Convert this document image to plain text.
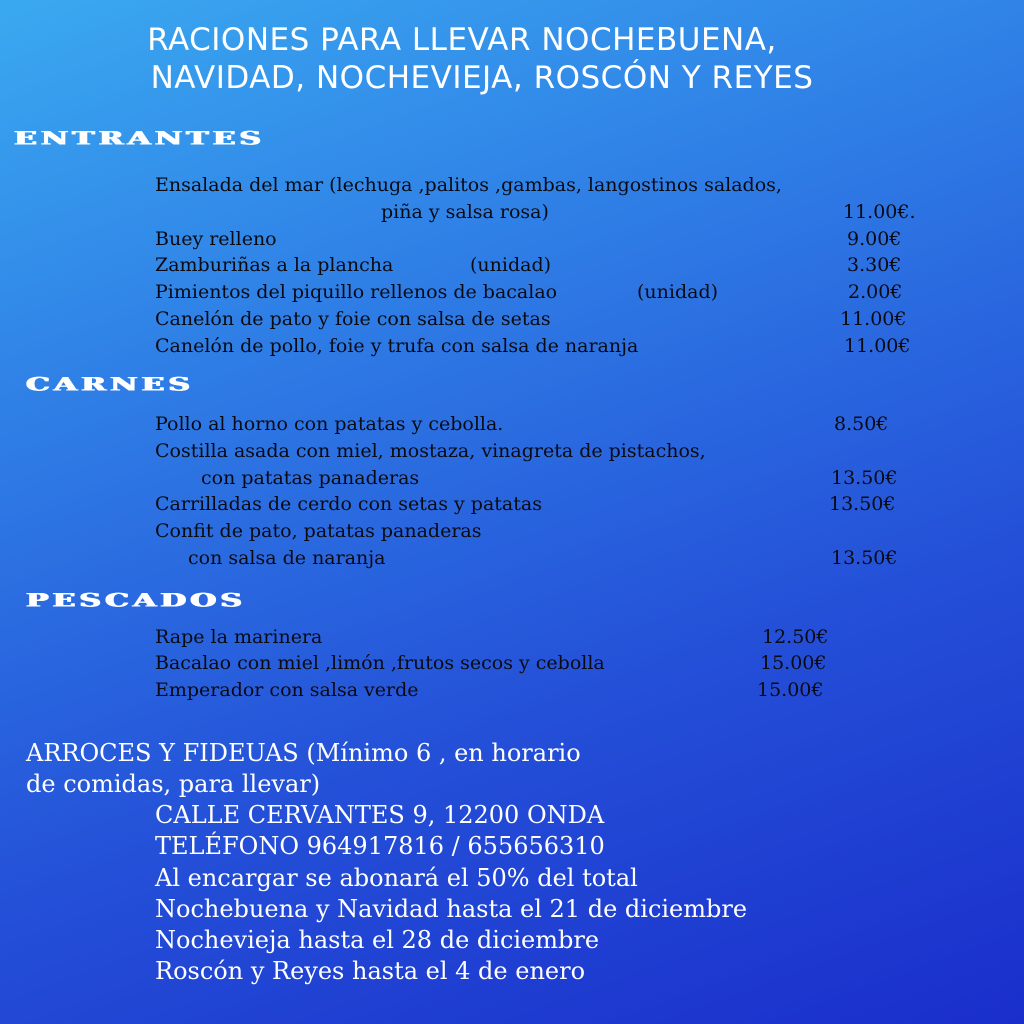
RACIONES PARA LLEVAR NOCHEBUENA,
NAVIDAD, NOCHEVIEJA, ROSCÓN Y REYES
ENTRANTES
Ensalada del mar (lechuga ,palitos ,gambas, langostinos salados,
piña y salsa rosa)	11.00€.
Buey relleno	9.00€
Zamburiñas a la plancha	(unidad)	3.30€
Pimientos del piquillo rellenos de bacalao	(unidad)	2.00€
Canelón de pato y foie con salsa de setas	11.00€
Canelón de pollo, foie y trufa con salsa de naranja	11.00€
CARNES
Pollo al horno con patatas y cebolla.	8.50€
Costilla asada con miel, mostaza, vinagreta de pistachos,
con patatas panaderas	13.50€
Carrilladas de cerdo con setas y patatas	13.50€
Confit de pato, patatas panaderas
con salsa de naranja	13.50€
PESCADOS
Rape la marinera	12.50€
Bacalao con miel ,limón ,frutos secos y cebolla	15.00€
Emperador con salsa verde	15.00€
ARROCES Y FIDEUAS (Mínimo 6 , en horario
de comidas, para llevar)
CALLE CERVANTES 9, 12200 ONDA
TELÉFONO 964917816 / 655656310
Al encargar se abonará el 50% del total
Nochebuena y Navidad hasta el 21 de diciembre
Nochevieja hasta el 28 de diciembre
Roscón y Reyes hasta el 4 de enero
